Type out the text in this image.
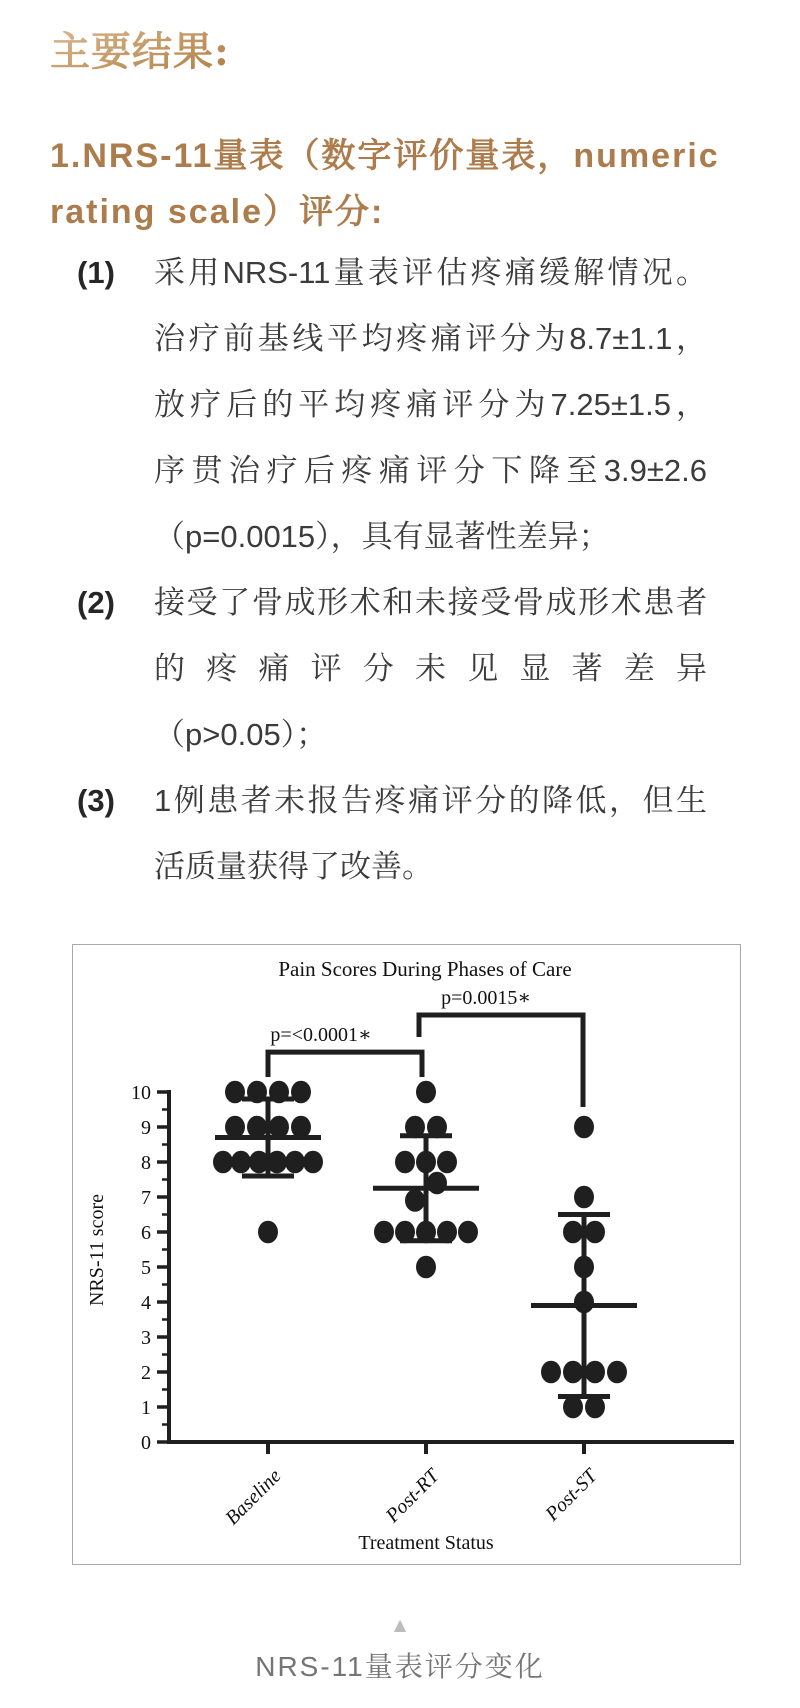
主要结果:
1.NRS-11量表（数字评价量表，numeric
rating scale）评分:
(1)	采用NRS-11量表评估疼痛缓解情况。
治疗前基线平均疼痛评分为8.7±1.1，
放疗后的平均疼痛评分为7.25±1.5，
序贯治疗后疼痛评分下降至3.9±2.6
（p=0.0015），具有显著性差异；
(2)	接受了骨成形术和未接受骨成形术患者
的疼痛评分未见显著差异
（p>0.05）；
(3)	1例患者未报告疼痛评分的降低，但生
活质量获得了改善。
Pain Scores During Phases of Care
p=<0.0001∗
p=0.0015∗
0
1
2
3
4
5
6
7
8
9
10
Baseline	Post-RT	Post-ST
Treatment Status
NRS-11 score
▲
NRS-11量表评分变化
